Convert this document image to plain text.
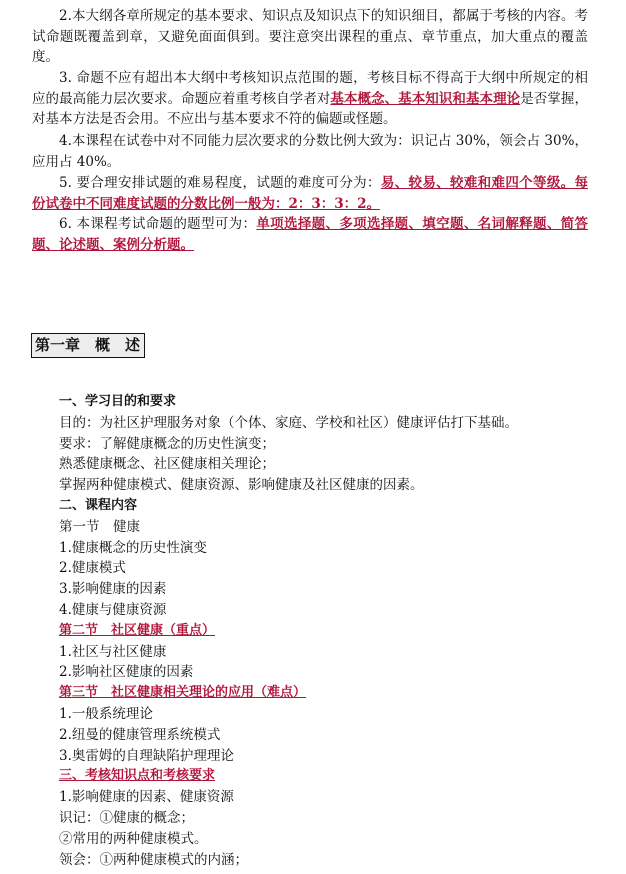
2.本大纲各章所规定的基本要求、知识点及知识点下的知识细目，都属于考核的内容。考试命题既覆盖到章，又避免面面俱到。要注意突出课程的重点、章节重点，加大重点的覆盖度。

3. 命题不应有超出本大纲中考核知识点范围的题，考核目标不得高于大纲中所规定的相应的最高能力层次要求。命题应着重考核自学者对基本概念、基本知识和基本理论是否掌握，对基本方法是否会用。不应出与基本要求不符的偏题或怪题。

4.本课程在试卷中对不同能力层次要求的分数比例大致为：识记占 30%，领会占 30%，应用占 40%。

5. 要合理安排试题的难易程度，试题的难度可分为：易、较易、较难和难四个等级。每份试卷中不同难度试题的分数比例一般为：2：3：3：2。

6. 本课程考试命题的题型可为：单项选择题、多项选择题、填空题、名词解释题、简答题、论述题、案例分析题。

第一章　概　述
一、学习目的和要求
目的：为社区护理服务对象（个体、家庭、学校和社区）健康评估打下基础。
要求：了解健康概念的历史性演变；
熟悉健康概念、社区健康相关理论；
掌握两种健康模式、健康资源、影响健康及社区健康的因素。
二、课程内容
第一节　健康
1.健康概念的历史性演变
2.健康模式
3.影响健康的因素
4.健康与健康资源
第二节　社区健康（重点）
1.社区与社区健康
2.影响社区健康的因素
第三节　社区健康相关理论的应用（难点）
1.一般系统理论
2.纽曼的健康管理系统模式
3.奥雷姆的自理缺陷护理理论
三、考核知识点和考核要求
1.影响健康的因素、健康资源
识记：①健康的概念；
②常用的两种健康模式。
领会：①两种健康模式的内涵；
